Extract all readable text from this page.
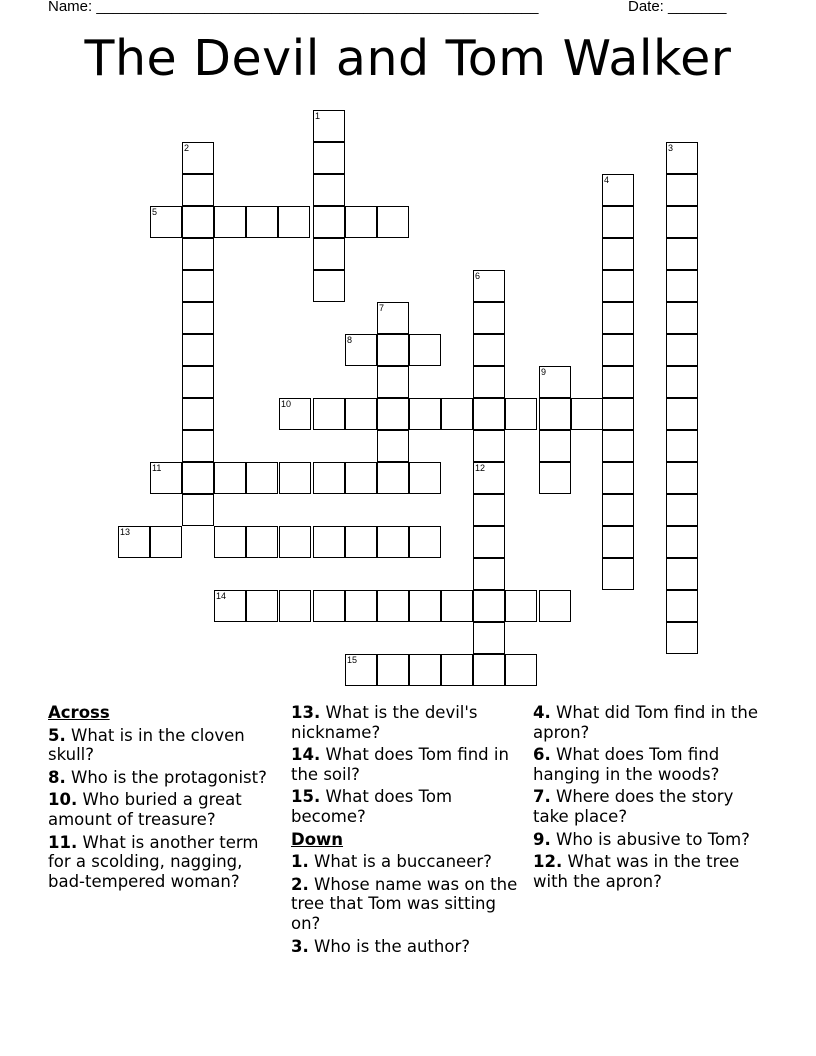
Name: _____________________________________________________	Date: _______
The Devil and Tom Walker
1
2	3
4
5
6
7
8
9
10
11	12
13
14
15
Across
5. What is in the cloven skull?
8. Who is the protagonist?
10. Who buried a great amount of treasure?
11. What is another term for a scolding, nagging, bad-tempered woman?
13. What is the devil's nickname?
14. What does Tom find in the soil?
15. What does Tom become?
Down
1. What is a buccaneer?
2. Whose name was on the tree that Tom was sitting on?
3. Who is the author?
4. What did Tom find in the apron?
6. What does Tom find hanging in the woods?
7. Where does the story take place?
9. Who is abusive to Tom?
12. What was in the tree with the apron?
